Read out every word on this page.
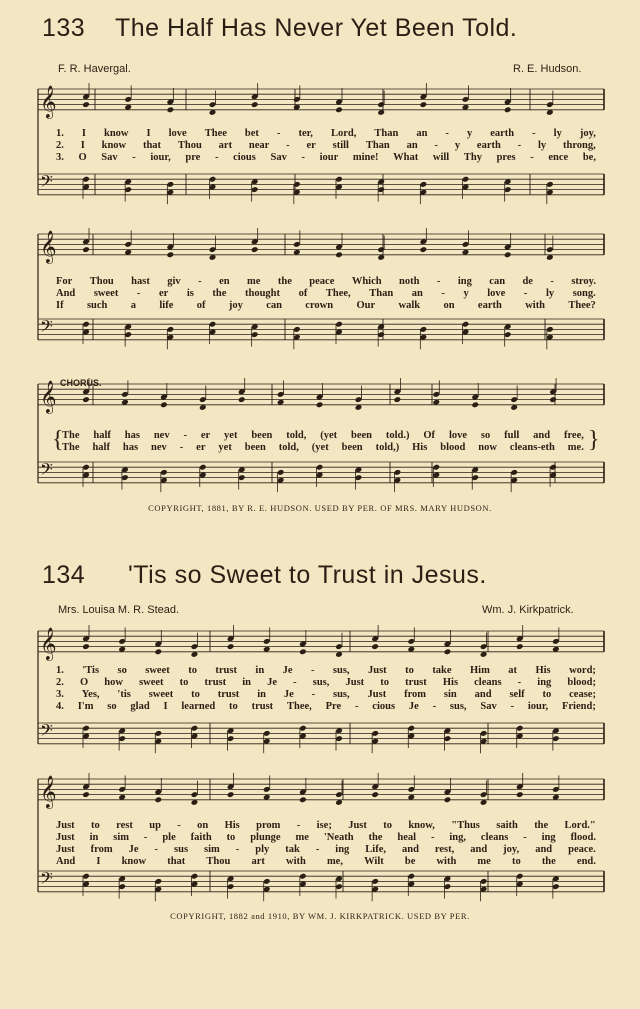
133 The Half Has Never Yet Been Told.
F. R. Havergal.	R. E. Hudson.
𝄞
𝄢
1. I know I love Thee bet - ter, Lord, Than an - y earth - ly joy,
2. I know that Thou art near - er still Than an - y earth - ly throng,
3. O Sav - iour, pre - cious Sav - iour mine! What will Thy pres - ence be,
𝄞
𝄢
For Thou hast giv - en me the peace Which noth - ing can de - stroy.
And sweet - er is the thought of Thee, Than an - y love - ly song.
If such a life of joy can crown Our walk on earth with Thee?
CHORUS.
𝄞
𝄢
{
The half has nev - er yet been told, (yet been told.) Of love so full and free,
The half has nev - er yet been told, (yet been told,) His blood now cleans-eth me. }
COPYRIGHT, 1881, BY R. E. HUDSON. USED BY PER. OF MRS. MARY HUDSON.
134 'Tis so Sweet to Trust in Jesus.
Mrs. Louisa M. R. Stead.	Wm. J. Kirkpatrick.
𝄞
𝄢
1. 'Tis so sweet to trust in Je - sus, Just to take Him at His word;
2. O how sweet to trust in Je - sus, Just to trust His cleans - ing blood;
3. Yes, 'tis sweet to trust in Je - sus, Just from sin and self to cease;
4. I'm so glad I learned to trust Thee, Pre - cious Je - sus, Sav - iour, Friend;
𝄞
𝄢
Just to rest up - on His prom - ise; Just to know, "Thus saith the Lord."
Just in sim - ple faith to plunge me 'Neath the heal - ing, cleans - ing flood.
Just from Je - sus sim - ply tak - ing Life, and rest, and joy, and peace.
And I know that Thou art with me, Wilt be with me to the end.
COPYRIGHT, 1882 and 1910, BY WM. J. KIRKPATRICK. USED BY PER.
